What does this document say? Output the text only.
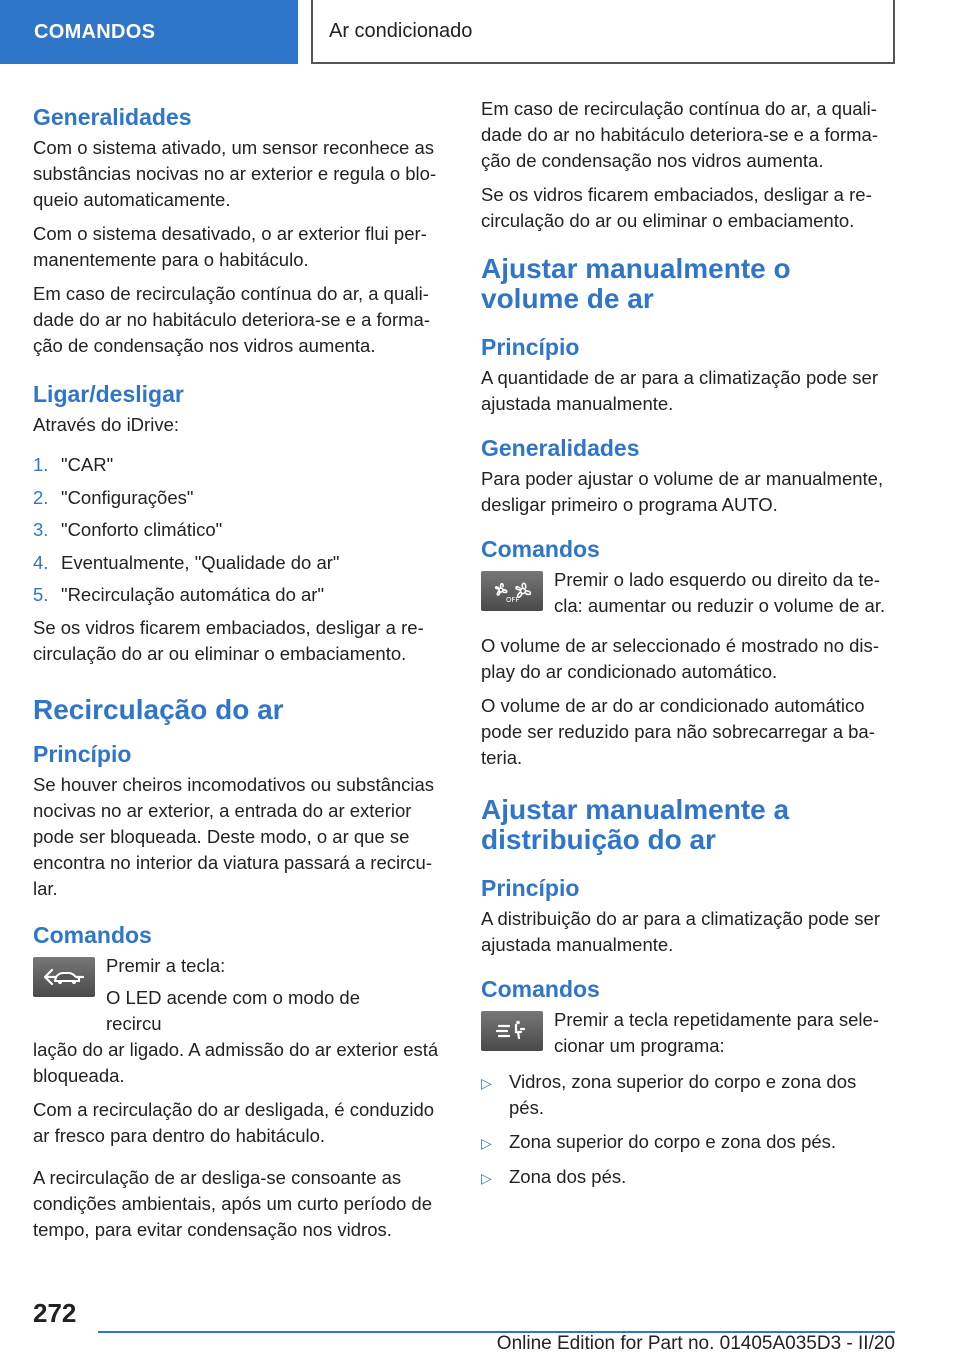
COMANDOS	Ar condicionado
Generalidades

Com o sistema ativado, um sensor reconhece as substâncias nocivas no ar exterior e regula o bloqueio automaticamente.

Com o sistema desativado, o ar exterior flui permanentemente para o habitáculo.

Em caso de recirculação contínua do ar, a qualidade do ar no habitáculo deteriora-se e a formação de condensação nos vidros aumenta.

Ligar/desligar

Através do iDrive:

1. "CAR"
2. "Configurações"
3. "Conforto climático"
4. Eventualmente, "Qualidade do ar"
5. "Recirculação automática do ar"

Se os vidros ficarem embaciados, desligar a recirculação do ar ou eliminar o embaciamento.

Recirculação do ar
Princípio

Se houver cheiros incomodativos ou substâncias nocivas no ar exterior, a entrada do ar exterior pode ser bloqueada. Deste modo, o ar que se encontra no interior da viatura passará a recircular.

Comandos

Premir a tecla:

O LED acende com o modo de recircu

lação do ar ligado. A admissão do ar exterior está bloqueada.

Com a recirculação do ar desligada, é conduzido ar fresco para dentro do habitáculo.

A recirculação de ar desliga-se consoante as condições ambientais, após um curto período de tempo, para evitar condensação nos vidros.

Em caso de recirculação contínua do ar, a qualidade do ar no habitáculo deteriora-se e a formação de condensação nos vidros aumenta.

Se os vidros ficarem embaciados, desligar a recirculação do ar ou eliminar o embaciamento.

Ajustar manualmente o volume de ar
Princípio

A quantidade de ar para a climatização pode ser ajustada manualmente.

Generalidades

Para poder ajustar o volume de ar manualmente, desligar primeiro o programa AUTO.

Comandos
OFF

Premir o lado esquerdo ou direito da tecla: aumentar ou reduzir o volume de ar.

O volume de ar seleccionado é mostrado no display do ar condicionado automático.

O volume de ar do ar condicionado automático pode ser reduzido para não sobrecarregar a bateria.

Ajustar manualmente a distribuição do ar
Princípio

A distribuição do ar para a climatização pode ser ajustada manualmente.

Comandos

Premir a tecla repetidamente para selecionar um programa:

▷ Vidros, zona superior do corpo e zona dos pés.
▷ Zona superior do corpo e zona dos pés.
▷ Zona dos pés.
272
Online Edition for Part no. 01405A035D3 - II/20
